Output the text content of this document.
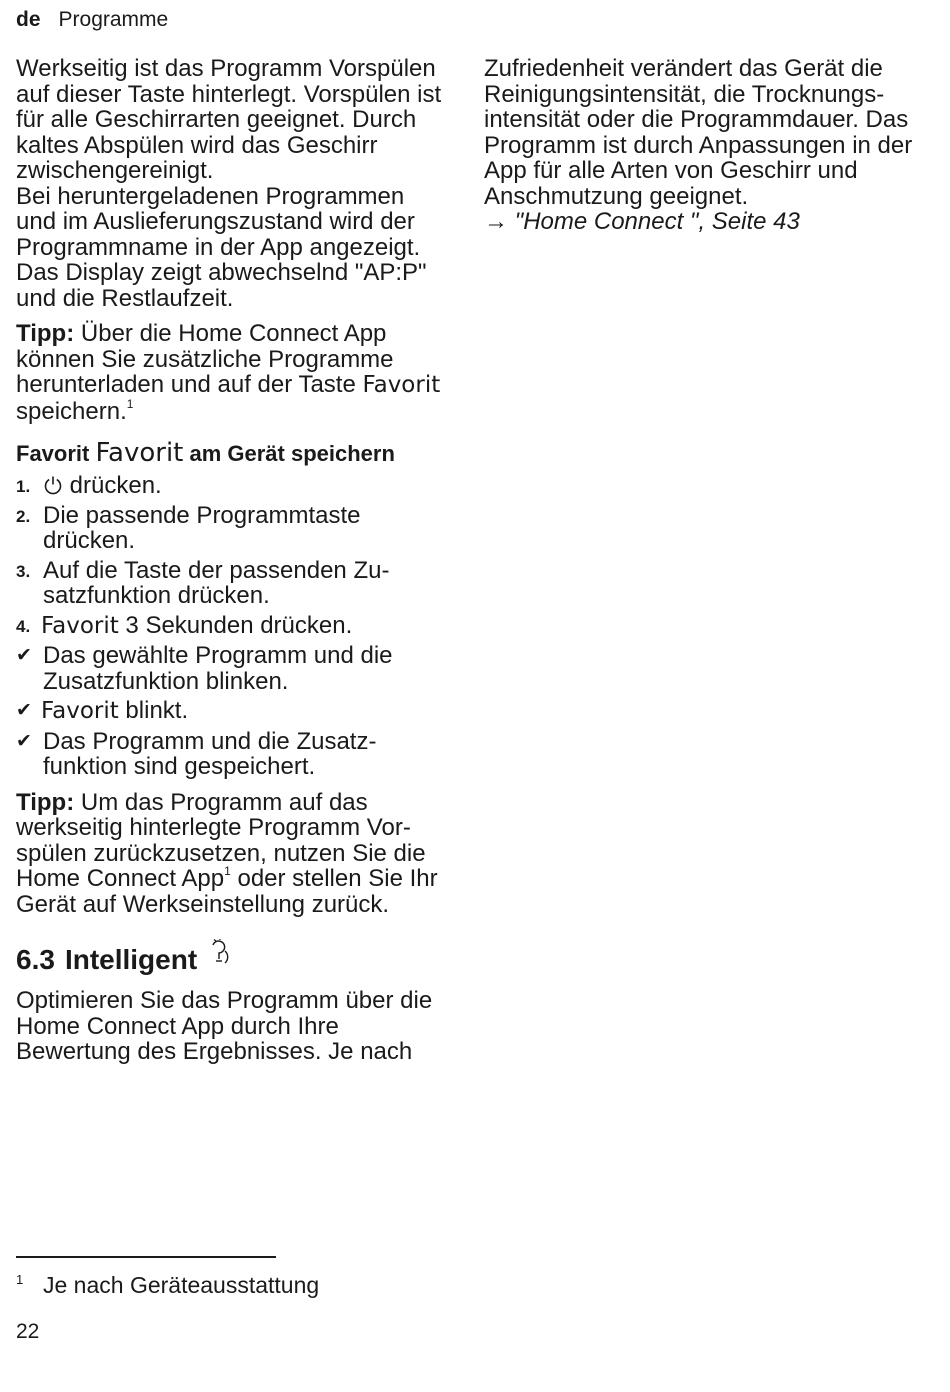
de Programme

Werkseitig ist das Programm Vorspülen auf dieser Taste hinterlegt. Vorspülen ist für alle Geschirrarten geeignet. Durch kaltes Abspülen wird das Geschirr zwischengereinigt.

Bei heruntergeladenen Programmen und im Auslieferungszustand wird der Programmname in der App angezeigt. Das Display zeigt abwechselnd "AP:P" und die Restlaufzeit.

Tipp: Über die Home Connect App können Sie zusätzliche Programme herunterladen und auf der Taste Favorit speichern.$^1$

Favorit Favorit am Gerät speichern
1. drücken.
2. Die passende Programmtaste drücken.
3. Auf die Taste der passenden Zusatzfunktion drücken.
4. Favorit 3 Sekunden drücken.
✔ Das gewählte Programm und die Zusatzfunktion blinken.
✔ Favorit blinkt.
✔ Das Programm und die Zusatzfunktion sind gespeichert.

Tipp: Um das Programm auf das werkseitig hinterlegte Programm Vorspülen zurückzusetzen, nutzen Sie die Home Connect App$^1$ oder stellen Sie Ihr Gerät auf Werkseinstellung zurück.

6.3 Intelligent

Optimieren Sie das Programm über die Home Connect App durch Ihre Bewertung des Ergebnisses. Je nach

Zufriedenheit verändert das Gerät die Reinigungsintensität, die Trocknungsintensität oder die Programmdauer. Das Programm ist durch Anpassungen in der App für alle Arten von Geschirr und Anschmutzung geeignet.

→ "Home Connect ", Seite 43

1 Je nach Geräteausstattung
22
